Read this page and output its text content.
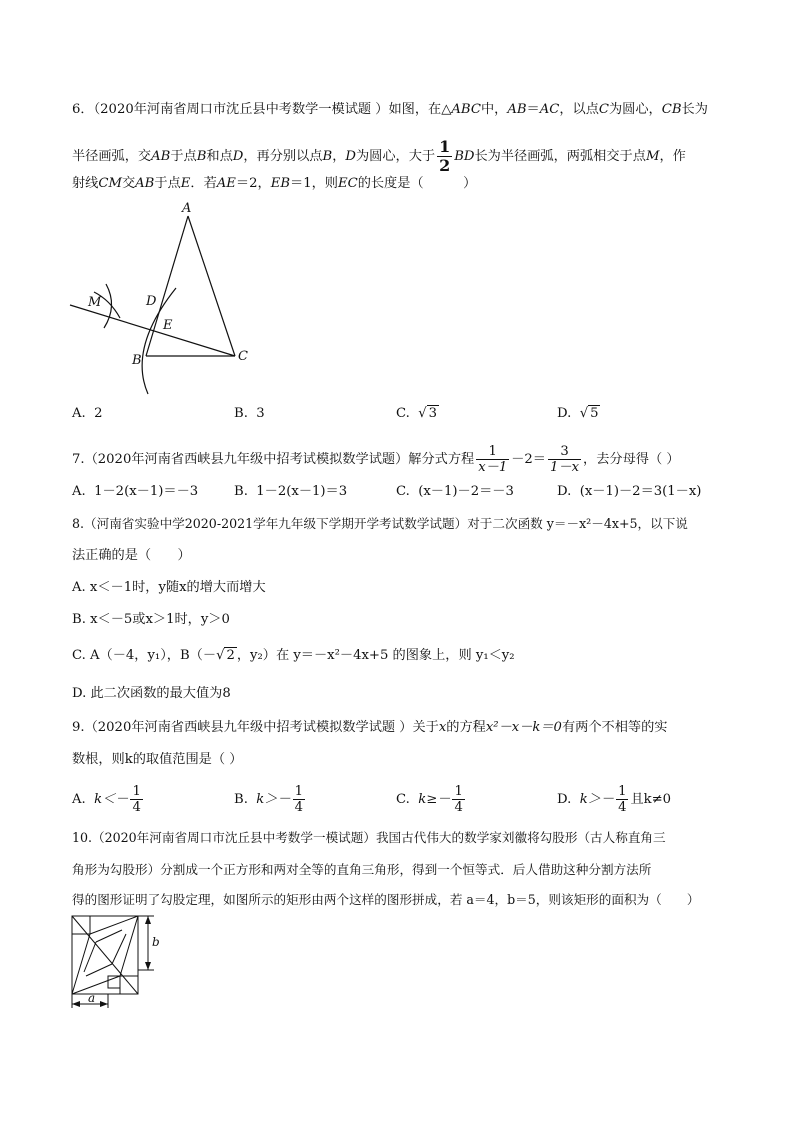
6．（2020年河南省周口市沈丘县中考数学一模试题 ）如图，在△ABC中，AB＝AC，以点C为圆心，CB长为
半径画弧，交AB于点B和点D，再分别以点B，D为圆心，大于 $\frac{1}{2}$ BD长为半径画弧，两弧相交于点M，作
射线CM交AB于点E．若AE＝2，EB＝1，则EC的长度是（　　　）
A
M	D
E
B	C
A. 2	B. 3	C. √ 3	D. √ 5
7.（2020年河南省西峡县九年级中招考试模拟数学试题）解分式方程 $\frac{1}{x-1} -2= \frac{3}{1-x}$ ，去分母得（ ）
A. 1－2(x－1)＝－3	B. 1－2(x－1)＝3	C. (x－1)－2＝－3	D. (x－1)－2＝3(1－x)
8.（河南省实验中学2020-2021学年九年级下学期开学考试数学试题）对于二次函数 y＝－x²－4x+5，以下说
法正确的是（　　）
A. x＜－1时，y随x的增大而增大
B. x＜－5或x＞1时，y＞0
C. A（－4，y₁），B（－√ 2 ，y₂）在 y＝－x²－4x+5 的图象上，则 y₁＜y₂
D. 此二次函数的最大值为8
9.（2020年河南省西峡县九年级中招考试模拟数学试题 ）关于x的方程x²－x－k＝0有两个不相等的实
数根，则k的取值范围是（ ）
A. $k<- \frac{1}{4}$	B. $k>- \frac{1}{4}$	C. $k\ge- \frac{1}{4}$	D. $k>- \frac{1}{4}$ 且k≠0
10.（2020年河南省周口市沈丘县中考数学一模试题）我国古代伟大的数学家刘徽将勾股形（古人称直角三
角形为勾股形）分割成一个正方形和两对全等的直角三角形，得到一个恒等式．后人借助这种分割方法所
得的图形证明了勾股定理，如图所示的矩形由两个这样的图形拼成，若 a＝4，b＝5，则该矩形的面积为（　　）
b
a
